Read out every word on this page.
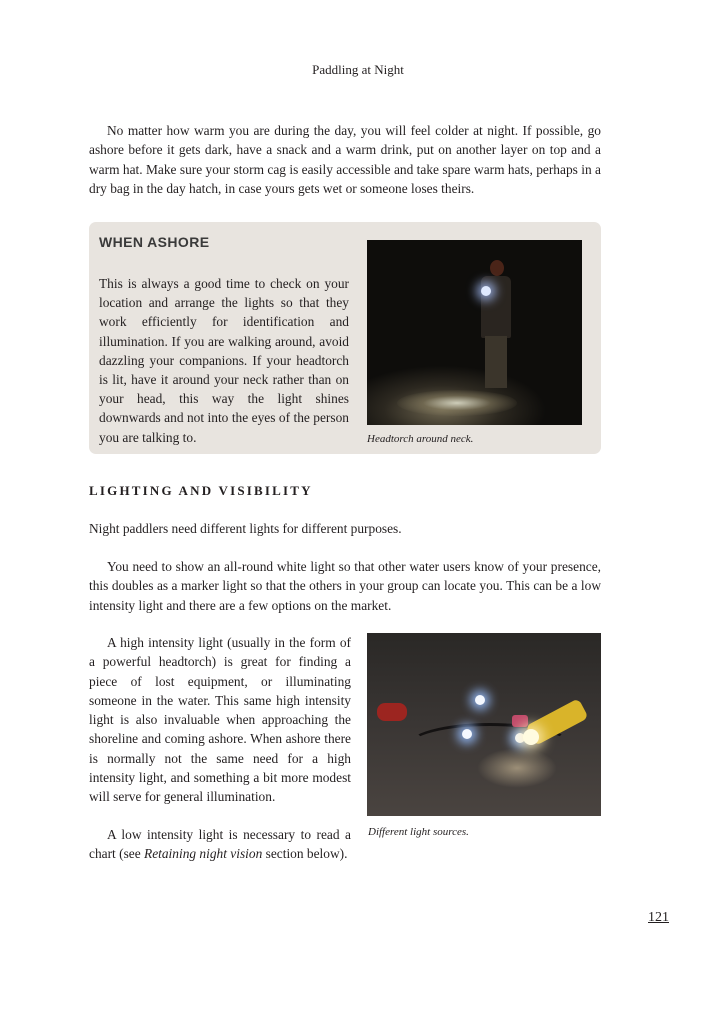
Paddling at Night

No matter how warm you are during the day, you will feel colder at night. If possible, go ashore before it gets dark, have a snack and a warm drink, put on another layer on top and a warm hat. Make sure your storm cag is easily accessible and take spare warm hats, perhaps in a dry bag in the day hatch, in case yours gets wet or someone loses theirs.

WHEN ASHORE

This is always a good time to check on your location and arrange the lights so that they work efficiently for identification and illumination. If you are walking around, avoid dazzling your companions. If your headtorch is lit, have it around your neck rather than on your head, this way the light shines downwards and not into the eyes of the person you are talking to.	Headtorch around neck.
LIGHTING AND VISIBILITY

Night paddlers need different lights for different purposes.

You need to show an all-round white light so that other water users know of your presence, this doubles as a marker light so that the others in your group can locate you. This can be a low intensity light and there are a few options on the market.

A high intensity light (usually in the form of a powerful headtorch) is great for finding a piece of lost equipment, or illuminating someone in the water. This same high intensity light is also invaluable when approaching the shoreline and coming ashore. When ashore there is normally not the same need for a high intensity light, and something a bit more modest will serve for general illumination.

A low intensity light is necessary to read a chart (see Retaining night vision section below).

Different light sources.
121
